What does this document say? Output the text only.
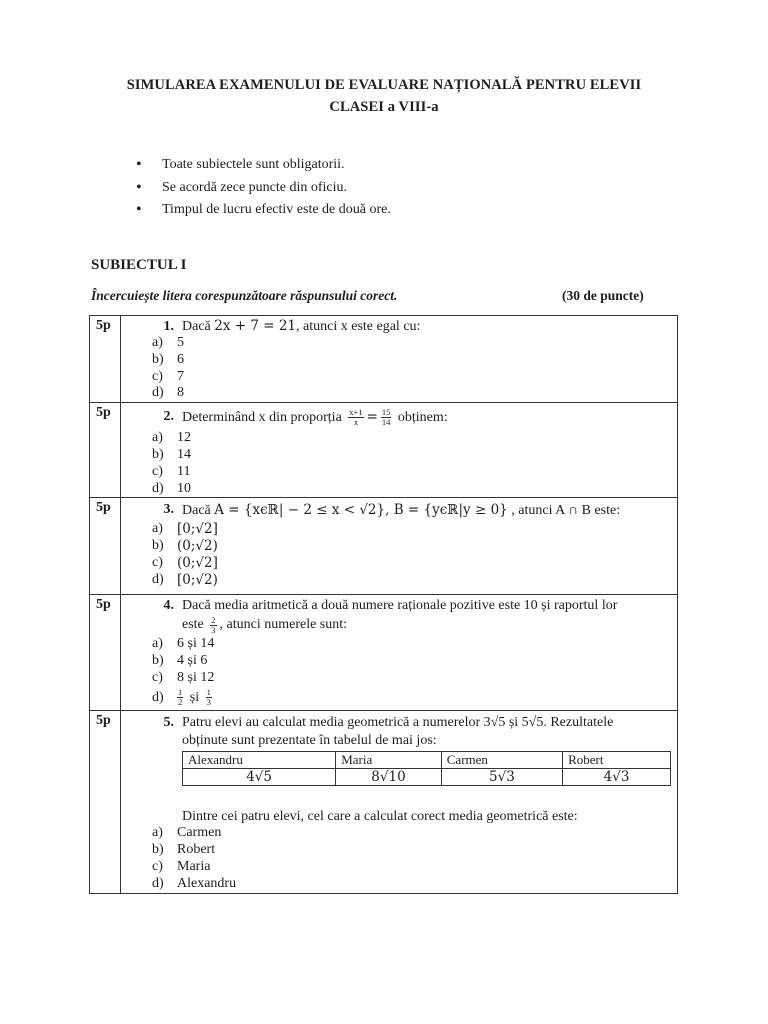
SIMULAREA EXAMENULUI DE EVALUARE NAȚIONALĂ PENTRU ELEVII
CLASEI a VIII-a
• Toate subiectele sunt obligatorii.
• Se acordă zece puncte din oficiu.
• Timpul de lucru efectiv este de două ore.
SUBIECTUL I
Încercuiește litera corespunzătoare răspunsului corect.	(30 de puncte)
5p	1. Dacă 2x + 7 = 21, atunci x este egal cu:
a)	5
b) 6
c)	7
d) 8

5p	2. Determinând x din proporția $\frac{x+1}{x} = \frac{15}{14}$ obținem:
a)	12
b) 14
c)	11
d) 10

5p	3. Dacă A = {xϵℝ| − 2 ≤ x < √2}, B = {yϵℝ|y ≥ 0} , atunci A ∩ B este:
a)	[0;√2]
b) (0;√2)
c)	(0;√2]
d) [0;√2)

5p	4. Dacă media aritmetică a două numere raționale pozitive este 10 și raportul lor
este $\frac{2}{3}$ , atunci numerele sunt:
a)	6 și 14
b) 4 și 6
c)	8 și 12
d)	$\frac{1}{2}$ și $\frac{1}{3}$

5p	5. Patru elevi au calculat media geometrică a numerelor 3√5 și 5√5. Rezultatele
obținute sunt prezentate în tabelul de mai jos:
Alexandru	Maria	Carmen	Robert
4√5	8√10	5√3	4√3
Dintre cei patru elevi, cel care a calculat corect media geometrică este:
a)	Carmen
b) Robert
c)	Maria
d) Alexandru
